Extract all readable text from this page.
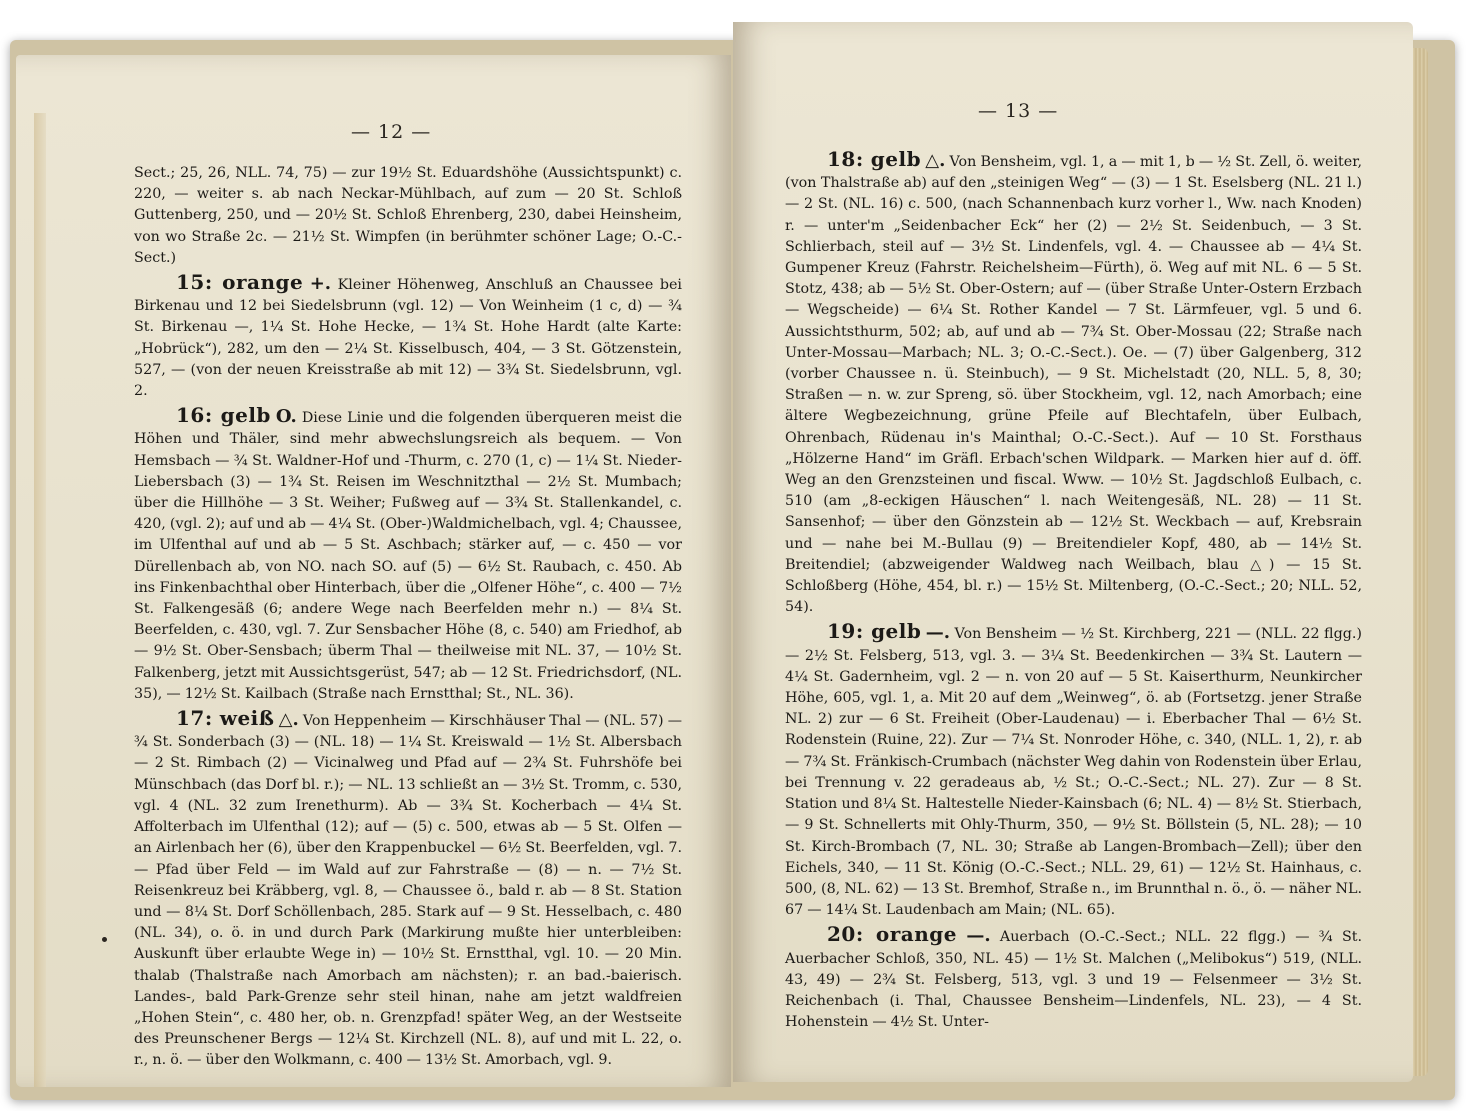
— 12 —

Sect.; 25, 26, NLL. 74, 75) — zur 19½ St. Eduardshöhe (Aussichtspunkt) c. 220, — weiter s. ab nach Neckar-Mühlbach, auf zum — 20 St. Schloß Guttenberg, 250, und — 20½ St. Schloß Ehrenberg, 230, dabei Heinsheim, von wo Straße 2c. — 21½ St. Wimpfen (in berühmter schöner Lage; O.-C.-Sect.)

15: orange +. Kleiner Höhenweg, Anschluß an Chaussee bei Birkenau und 12 bei Siedelsbrunn (vgl. 12) — Von Weinheim (1 c, d) — ¾ St. Birkenau —, 1¼ St. Hohe Hecke, — 1¾ St. Hohe Hardt (alte Karte: „Hobrück“), 282, um den — 2¼ St. Kisselbusch, 404, — 3 St. Götzenstein, 527, — (von der neuen Kreisstraße ab mit 12) — 3¾ St. Siedelsbrunn, vgl. 2.

16: gelb O. Diese Linie und die folgenden überqueren meist die Höhen und Thäler, sind mehr abwechslungsreich als bequem. — Von Hemsbach — ¾ St. Waldner-Hof und -Thurm, c. 270 (1, c) — 1¼ St. Nieder-Liebersbach (3) — 1¾ St. Reisen im Weschnitzthal — 2½ St. Mumbach; über die Hillhöhe — 3 St. Weiher; Fußweg auf — 3¾ St. Stallenkandel, c. 420, (vgl. 2); auf und ab — 4¼ St. (Ober-)Waldmichelbach, vgl. 4; Chaussee, im Ulfenthal auf und ab — 5 St. Aschbach; stärker auf, — c. 450 — vor Dürellenbach ab, von NO. nach SO. auf (5) — 6½ St. Raubach, c. 450. Ab ins Finkenbachthal ober Hinterbach, über die „Olfener Höhe“, c. 400 — 7½ St. Falkengesäß (6; andere Wege nach Beerfelden mehr n.) — 8¼ St. Beerfelden, c. 430, vgl. 7. Zur Sensbacher Höhe (8, c. 540) am Friedhof, ab — 9½ St. Ober-Sensbach; überm Thal — theilweise mit NL. 37, — 10½ St. Falkenberg, jetzt mit Aussichtsgerüst, 547; ab — 12 St. Friedrichsdorf, (NL. 35), — 12½ St. Kailbach (Straße nach Ernstthal; St., NL. 36).

17: weiß △. Von Heppenheim — Kirschhäuser Thal — (NL. 57) — ¾ St. Sonderbach (3) — (NL. 18) — 1¼ St. Kreiswald — 1½ St. Albersbach — 2 St. Rimbach (2) — Vicinalweg und Pfad auf — 2¾ St. Fuhrshöfe bei Münschbach (das Dorf bl. r.); — NL. 13 schließt an — 3½ St. Tromm, c. 530, vgl. 4 (NL. 32 zum Irenethurm). Ab — 3¾ St. Kocherbach — 4¼ St. Affolterbach im Ulfenthal (12); auf — (5) c. 500, etwas ab — 5 St. Olfen — an Airlenbach her (6), über den Krappenbuckel — 6½ St. Beerfelden, vgl. 7. — Pfad über Feld — im Wald auf zur Fahrstraße — (8) — n. — 7½ St. Reisenkreuz bei Kräbberg, vgl. 8, — Chaussee ö., bald r. ab — 8 St. Station und — 8¼ St. Dorf Schöllenbach, 285. Stark auf — 9 St. Hesselbach, c. 480 (NL. 34), o. ö. in und durch Park (Markirung mußte hier unterbleiben: Auskunft über erlaubte Wege in) — 10½ St. Ernstthal, vgl. 10. — 20 Min. thalab (Thalstraße nach Amorbach am nächsten); r. an bad.-baierisch. Landes-, bald Park-Grenze sehr steil hinan, nahe am jetzt waldfreien „Hohen Stein“, c. 480 her, ob. n. Grenzpfad! später Weg, an der Westseite des Preunschener Bergs — 12¼ St. Kirchzell (NL. 8), auf und mit L. 22, o. r., n. ö. — über den Wolkmann, c. 400 — 13½ St. Amorbach, vgl. 9.

— 13 —

18: gelb △. Von Bensheim, vgl. 1, a — mit 1, b — ½ St. Zell, ö. weiter, (von Thalstraße ab) auf den „steinigen Weg“ — (3) — 1 St. Eselsberg (NL. 21 l.) — 2 St. (NL. 16) c. 500, (nach Schannenbach kurz vorher l., Ww. nach Knoden) r. — unter'm „Seidenbacher Eck“ her (2) — 2½ St. Seidenbuch, — 3 St. Schlierbach, steil auf — 3½ St. Lindenfels, vgl. 4. — Chaussee ab — 4¼ St. Gumpener Kreuz (Fahrstr. Reichelsheim—Fürth), ö. Weg auf mit NL. 6 — 5 St. Stotz, 438; ab — 5½ St. Ober-Ostern; auf — (über Straße Unter-Ostern Erzbach — Wegscheide) — 6¼ St. Rother Kandel — 7 St. Lärmfeuer, vgl. 5 und 6. Aussichtsthurm, 502; ab, auf und ab — 7¾ St. Ober-Mossau (22; Straße nach Unter-Mossau—Marbach; NL. 3; O.-C.-Sect.). Oe. — (7) über Galgenberg, 312 (vorber Chaussee n. ü. Steinbuch), — 9 St. Michelstadt (20, NLL. 5, 8, 30; Straßen — n. w. zur Spreng, sö. über Stockheim, vgl. 12, nach Amorbach; eine ältere Wegbezeichnung, grüne Pfeile auf Blechtafeln, über Eulbach, Ohrenbach, Rüdenau in's Mainthal; O.-C.-Sect.). Auf — 10 St. Forsthaus „Hölzerne Hand“ im Gräfl. Erbach'schen Wildpark. — Marken hier auf d. öff. Weg an den Grenzsteinen und fiscal. Www. — 10½ St. Jagdschloß Eulbach, c. 510 (am „8-eckigen Häuschen“ l. nach Weitengesäß, NL. 28) — 11 St. Sansenhof; — über den Gönzstein ab — 12½ St. Weckbach — auf, Krebsrain und — nahe bei M.-Bullau (9) — Breitendieler Kopf, 480, ab — 14½ St. Breitendiel; (abzweigender Waldweg nach Weilbach, blau △) — 15 St. Schloßberg (Höhe, 454, bl. r.) — 15½ St. Miltenberg, (O.-C.-Sect.; 20; NLL. 52, 54).

19: gelb —. Von Bensheim — ½ St. Kirchberg, 221 — (NLL. 22 flgg.) — 2½ St. Felsberg, 513, vgl. 3. — 3¼ St. Beedenkirchen — 3¾ St. Lautern — 4¼ St. Gadernheim, vgl. 2 — n. von 20 auf — 5 St. Kaiserthurm, Neunkircher Höhe, 605, vgl. 1, a. Mit 20 auf dem „Weinweg“, ö. ab (Fortsetzg. jener Straße NL. 2) zur — 6 St. Freiheit (Ober-Laudenau) — i. Eberbacher Thal — 6½ St. Rodenstein (Ruine, 22). Zur — 7¼ St. Nonroder Höhe, c. 340, (NLL. 1, 2), r. ab — 7¾ St. Fränkisch-Crumbach (nächster Weg dahin von Rodenstein über Erlau, bei Trennung v. 22 geradeaus ab, ½ St.; O.-C.-Sect.; NL. 27). Zur — 8 St. Station und 8¼ St. Haltestelle Nieder-Kainsbach (6; NL. 4) — 8½ St. Stierbach, — 9 St. Schnellerts mit Ohly-Thurm, 350, — 9½ St. Böllstein (5, NL. 28); — 10 St. Kirch-Brombach (7, NL. 30; Straße ab Langen-Brombach—Zell); über den Eichels, 340, — 11 St. König (O.-C.-Sect.; NLL. 29, 61) — 12½ St. Hainhaus, c. 500, (8, NL. 62) — 13 St. Bremhof, Straße n., im Brunnthal n. ö., ö. — näher NL. 67 — 14¼ St. Laudenbach am Main; (NL. 65).

20: orange —. Auerbach (O.-C.-Sect.; NLL. 22 flgg.) — ¾ St. Auerbacher Schloß, 350, NL. 45) — 1½ St. Malchen („Melibokus“) 519, (NLL. 43, 49) — 2¾ St. Felsberg, 513, vgl. 3 und 19 — Felsenmeer — 3½ St. Reichenbach (i. Thal, Chaussee Bensheim—Lindenfels, NL. 23), — 4 St. Hohenstein — 4½ St. Unter-
